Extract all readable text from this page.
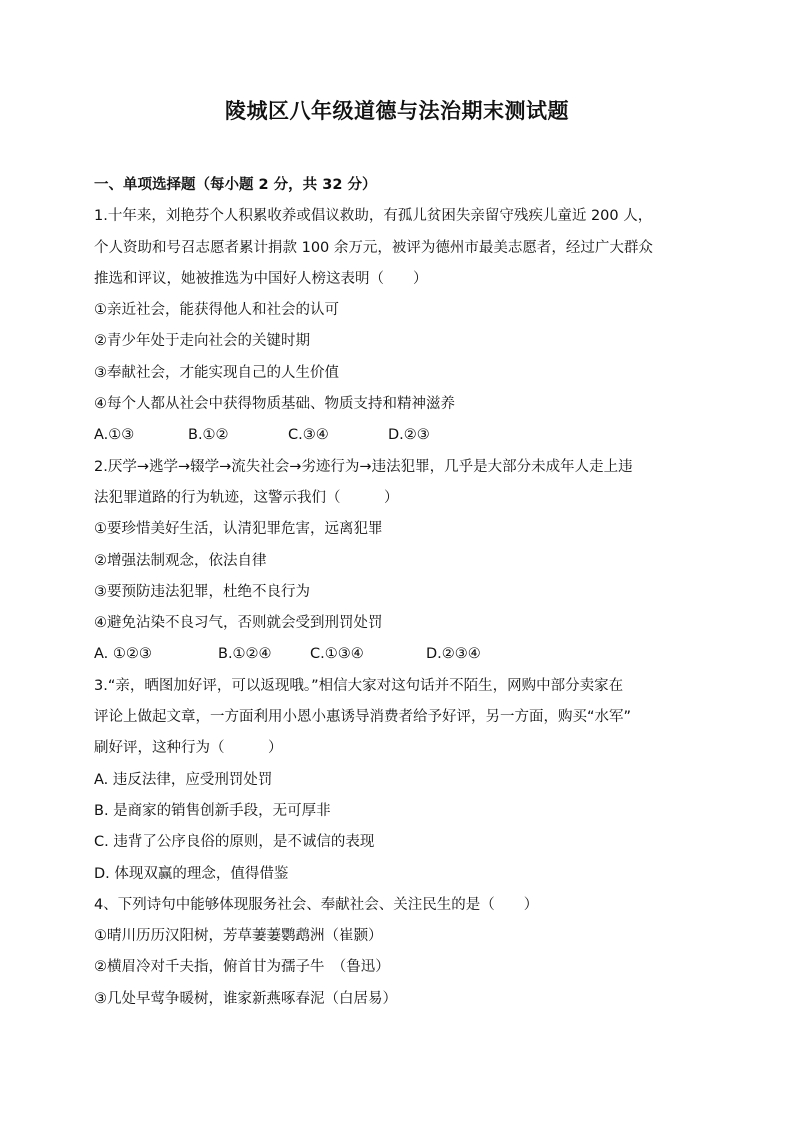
陵城区八年级道德与法治期末测试题
一、单项选择题（每小题 2 分，共 32 分）
1.十年来，刘艳芬个人积累收养或倡议救助，有孤儿贫困失亲留守残疾儿童近 200 人，
个人资助和号召志愿者累计捐款 100 余万元，被评为德州市最美志愿者，经过广大群众
推选和评议，她被推选为中国好人榜这表明（　　）
①亲近社会，能获得他人和社会的认可
②青少年处于走向社会的关键时期
③奉献社会，才能实现自己的人生价值
④每个人都从社会中获得物质基础、物质支持和精神滋养
A.①③	B.①②	C.③④	D.②③
2.厌学→逃学→辍学→流失社会→劣迹行为→违法犯罪，几乎是大部分未成年人走上违
法犯罪道路的行为轨迹，这警示我们（　　　）
①要珍惜美好生活，认清犯罪危害，远离犯罪
②增强法制观念，依法自律
③要预防违法犯罪，杜绝不良行为
④避免沾染不良习气，否则就会受到刑罚处罚
A. ①②③	B.①②④	C.①③④	D.②③④
3.“亲，晒图加好评，可以返现哦。”相信大家对这句话并不陌生，网购中部分卖家在
评论上做起文章，一方面利用小恩小惠诱导消费者给予好评，另一方面，购买“水军”
刷好评，这种行为（　　　）
A. 违反法律，应受刑罚处罚
B. 是商家的销售创新手段，无可厚非
C. 违背了公序良俗的原则，是不诚信的表现
D. 体现双赢的理念，值得借鉴
4、下列诗句中能够体现服务社会、奉献社会、关注民生的是（　　）
①晴川历历汉阳树，芳草萋萋鹦鹉洲（崔颢）
②横眉冷对千夫指，俯首甘为孺子牛　（鲁迅）
③几处早莺争暖树，谁家新燕啄春泥（白居易）
